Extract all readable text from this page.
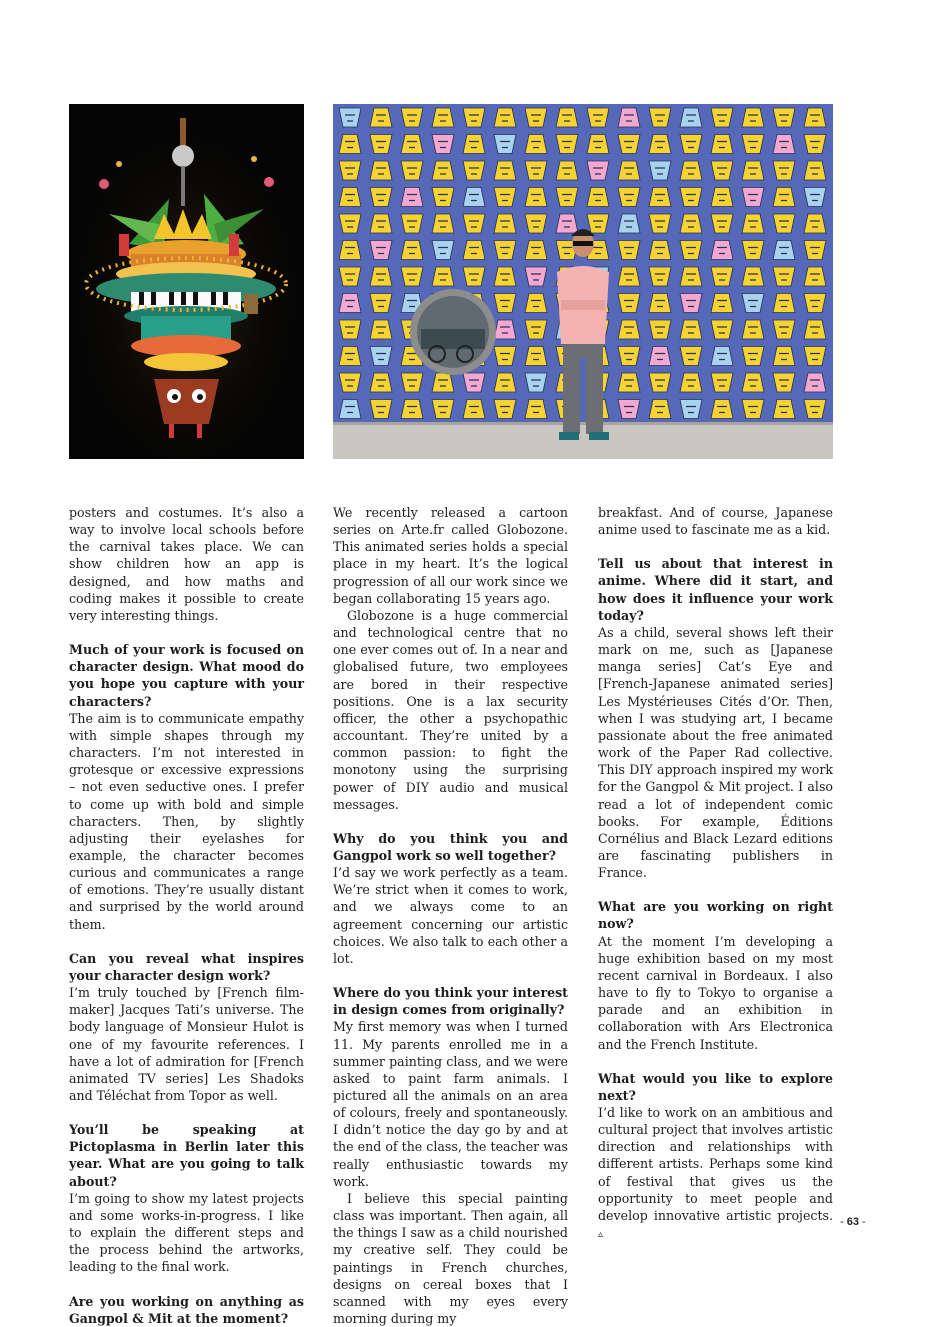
posters and costumes. It’s also a way to involve local schools before the carnival takes place. We can show children how an app is designed, and how maths and coding makes it possible to create very interesting things.

Much of your work is focused on character design. What mood do you hope you capture with your characters?

The aim is to communicate empathy with simple shapes through my characters. I’m not interested in grotesque or excessive expressions – not even seductive ones. I prefer to come up with bold and simple characters. Then, by slightly adjusting their eyelashes for example, the character becomes curious and communicates a range of emotions. They’re usually distant and surprised by the world around them.

Can you reveal what inspires your character design work?

I’m truly touched by [French film-maker] Jacques Tati’s universe. The body language of Monsieur Hulot is one of my favourite references. I have a lot of admiration for [French animated TV series] Les Shadoks and Téléchat from Topor as well.

You’ll be speaking at Pictoplasma in Berlin later this year. What are you going to talk about?

I’m going to show my latest projects and some works-in-progress. I like to explain the different steps and the process behind the artworks, leading to the final work.

Are you working on anything as Gangpol & Mit at the moment?

We recently released a cartoon series on Arte.fr called Globozone. This animated series holds a special place in my heart. It’s the logical progression of all our work since we began collaborating 15 years ago.

Globozone is a huge commercial and technological centre that no one ever comes out of. In a near and globalised future, two employees are bored in their respective positions. One is a lax security officer, the other a psychopathic accountant. They’re united by a common passion: to fight the monotony using the surprising power of DIY audio and musical messages.

Why do you think you and Gangpol work so well together?

I’d say we work perfectly as a team. We’re strict when it comes to work, and we always come to an agreement concerning our artistic choices. We also talk to each other a lot.

Where do you think your interest in design comes from originally?

My first memory was when I turned 11. My parents enrolled me in a summer painting class, and we were asked to paint farm animals. I pictured all the animals on an area of colours, freely and spontaneously. I didn’t notice the day go by and at the end of the class, the teacher was really enthusiastic towards my work.

I believe this special painting class was important. Then again, all the things I saw as a child nourished my creative self. They could be paintings in French churches, designs on cereal boxes that I scanned with my eyes every morning during my

breakfast. And of course, Japanese anime used to fascinate me as a kid.

Tell us about that interest in anime. Where did it start, and how does it influence your work today?

As a child, several shows left their mark on me, such as [Japanese manga series] Cat’s Eye and [French-Japanese animated series] Les Mystérieuses Cités d’Or. Then, when I was studying art, I became passionate about the free animated work of the Paper Rad collective. This DIY approach inspired my work for the Gangpol & Mit project. I also read a lot of independent comic books. For example, Éditions Cornélius and Black Lezard editions are fascinating publishers in France.

What are you working on right now?

At the moment I’m developing a huge exhibition based on my most recent carnival in Bordeaux. I also have to fly to Tokyo to organise a parade and an exhibition in collaboration with Ars Electronica and the French Institute.

What would you like to explore next?

I’d like to work on an ambitious and cultural project that involves artistic direction and relationships with different artists. Perhaps some kind of festival that gives us the opportunity to meet people and develop innovative artistic projects. ▵

- 63 -
